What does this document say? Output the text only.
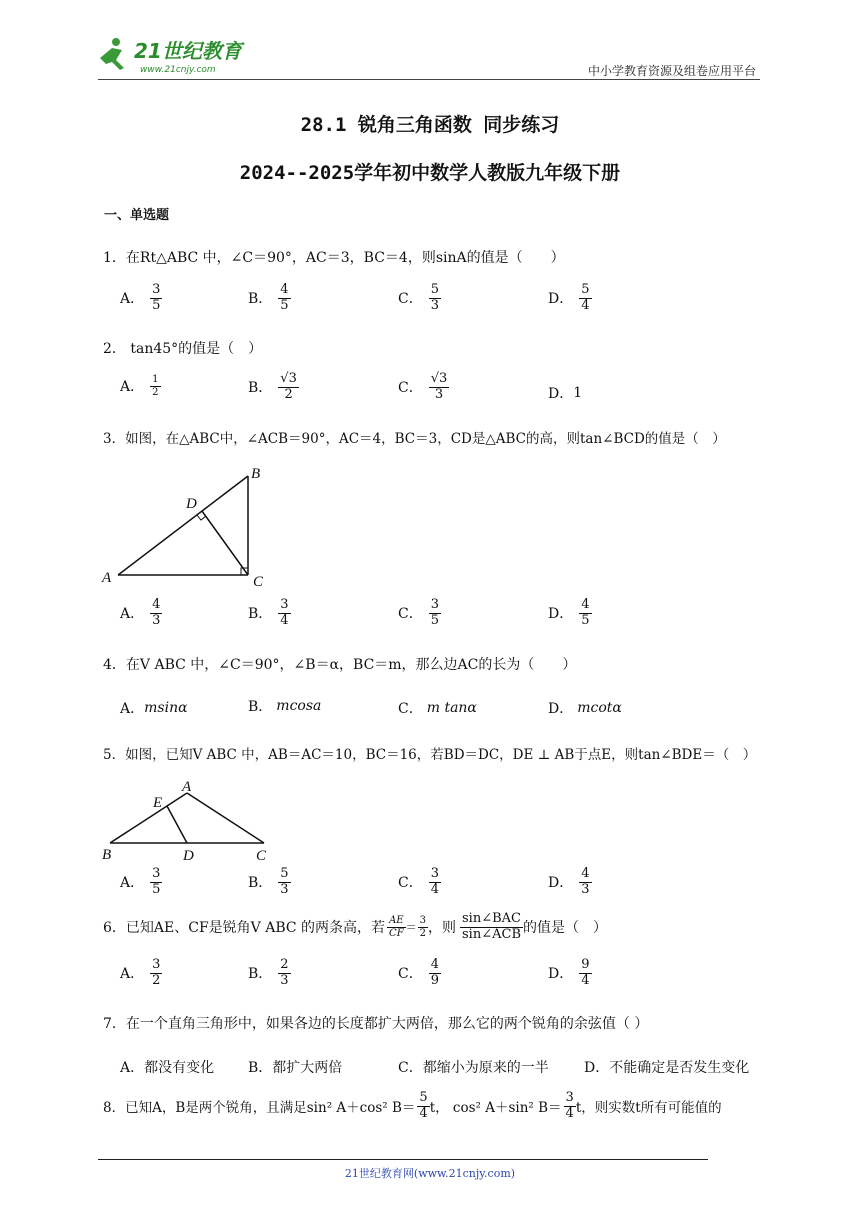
21世纪教育
www.21cnjy.com	中小学教育资源及组卷应用平台
28.1 锐角三角函数 同步练习
2024--2025学年初中数学人教版九年级下册
一、单选题
1．在Rt△ABC 中，∠C＝90°，AC＝3，BC＝4，则sinA的值是（　　）
A． $\frac{3}{5}$	B． $\frac{4}{5}$	C． $\frac{5}{3}$	D． $\frac{5}{4}$
2． tan45°的值是（　）
A． $\frac{1}{2}$	B． $\frac{√3}{2}$	C． $\frac{√3}{3}$	D． 1
3．如图，在△ABC中，∠ACB＝90°，AC＝4，BC＝3，CD是△ABC的高，则tan∠BCD的值是（　）
A
B
C
D
A． $\frac{4}{3}$	B． $\frac{3}{4}$	C． $\frac{3}{5}$	D． $\frac{4}{5}$
4．在V ABC 中，∠C＝90°，∠B＝α，BC＝m，那么边AC的长为（　　）
A． msinα	B． mcosa	C． m tanα	D． mcotα
5．如图，已知V ABC 中，AB＝AC＝10，BC＝16，若BD＝DC，DE ⊥ AB于点E，则tan∠BDE＝（　）
A
B	C
D
E
A． $\frac{3}{5}$	B． $\frac{5}{3}$	C． $\frac{3}{4}$	D． $\frac{4}{3}$
6．已知AE、CF是锐角V ABC 的两条高，若 $\frac{AE}{CF} = \frac{3}{2}$ ，则 $\frac{\text{sin∠BAC}}{\text{sin∠ACB}}$ 的值是（　）
A． $\frac{3}{2}$	B． $\frac{2}{3}$	C． $\frac{4}{9}$	D． $\frac{9}{4}$
7．在一个直角三角形中，如果各边的长度都扩大两倍，那么它的两个锐角的余弦值（ ）
A． 都没有变化 B． 都扩大两倍	C． 都缩小为原来的一半	D． 不能确定是否发生变化
8．已知A，B是两个锐角，且满足sin² A＋cos² $B= \frac{5}{4}$ t， cos² A＋sin² $B= \frac{3}{4}$ t，则实数t所有可能值的
21世纪教育网(www.21cnjy.com)
